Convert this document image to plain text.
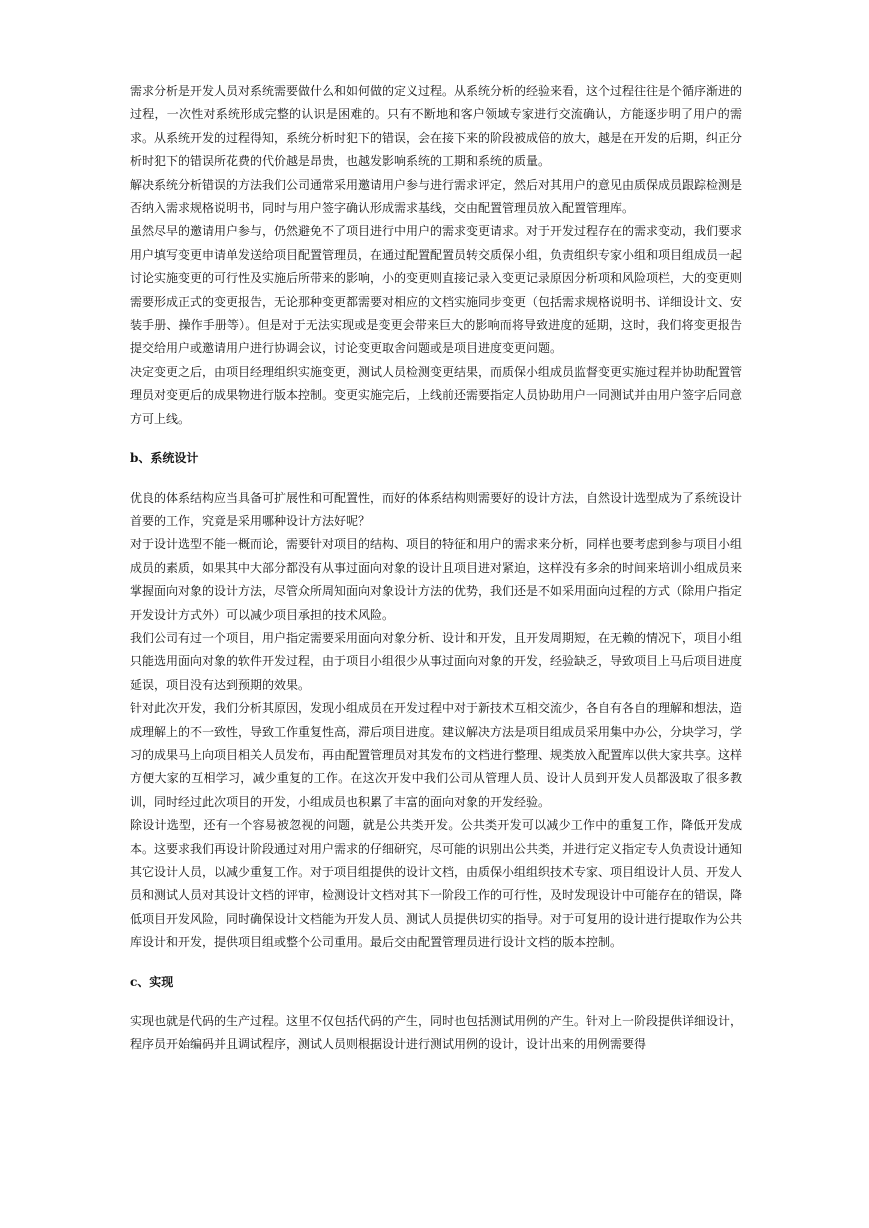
需求分析是开发人员对系统需要做什么和如何做的定义过程。从系统分析的经验来看，这个过程往往是个循序渐进的过程，一次性对系统形成完整的认识是困难的。只有不断地和客户领域专家进行交流确认，方能逐步明了用户的需求。从系统开发的过程得知，系统分析时犯下的错误，会在接下来的阶段被成倍的放大，越是在开发的后期，纠正分析时犯下的错误所花费的代价越是昂贵，也越发影响系统的工期和系统的质量。

解决系统分析错误的方法我们公司通常采用邀请用户参与进行需求评定，然后对其用户的意见由质保成员跟踪检测是否纳入需求规格说明书，同时与用户签字确认形成需求基线，交由配置管理员放入配置管理库。

虽然尽早的邀请用户参与，仍然避免不了项目进行中用户的需求变更请求。对于开发过程存在的需求变动，我们要求用户填写变更申请单发送给项目配置管理员，在通过配置配置员转交质保小组，负责组织专家小组和项目组成员一起讨论实施变更的可行性及实施后所带来的影响，小的变更则直接记录入变更记录原因分析项和风险项栏，大的变更则需要形成正式的变更报告，无论那种变更都需要对相应的文档实施同步变更（包括需求规格说明书、详细设计文、安装手册、操作手册等）。但是对于无法实现或是变更会带来巨大的影响而将导致进度的延期，这时，我们将变更报告提交给用户或邀请用户进行协调会议，讨论变更取舍问题或是项目进度变更问题。

决定变更之后，由项目经理组织实施变更，测试人员检测变更结果，而质保小组成员监督变更实施过程并协助配置管理员对变更后的成果物进行版本控制。变更实施完后，上线前还需要指定人员协助用户一同测试并由用户签字后同意方可上线。

b、系统设计

优良的体系结构应当具备可扩展性和可配置性，而好的体系结构则需要好的设计方法，自然设计选型成为了系统设计首要的工作，究竟是采用哪种设计方法好呢？

对于设计选型不能一概而论，需要针对项目的结构、项目的特征和用户的需求来分析，同样也要考虑到参与项目小组成员的素质，如果其中大部分都没有从事过面向对象的设计且项目进对紧迫，这样没有多余的时间来培训小组成员来掌握面向对象的设计方法，尽管众所周知面向对象设计方法的优势，我们还是不如采用面向过程的方式（除用户指定开发设计方式外）可以减少项目承担的技术风险。

我们公司有过一个项目，用户指定需要采用面向对象分析、设计和开发，且开发周期短，在无赖的情况下，项目小组只能选用面向对象的软件开发过程，由于项目小组很少从事过面向对象的开发，经验缺乏，导致项目上马后项目进度延误，项目没有达到预期的效果。

针对此次开发，我们分析其原因，发现小组成员在开发过程中对于新技术互相交流少，各自有各自的理解和想法，造成理解上的不一致性，导致工作重复性高，滞后项目进度。建议解决方法是项目组成员采用集中办公，分块学习，学习的成果马上向项目相关人员发布，再由配置管理员对其发布的文档进行整理、规类放入配置库以供大家共享。这样方便大家的互相学习，减少重复的工作。在这次开发中我们公司从管理人员、设计人员到开发人员都汲取了很多教训，同时经过此次项目的开发，小组成员也积累了丰富的面向对象的开发经验。

除设计选型，还有一个容易被忽视的问题，就是公共类开发。公共类开发可以减少工作中的重复工作，降低开发成本。这要求我们再设计阶段通过对用户需求的仔细研究，尽可能的识别出公共类，并进行定义指定专人负责设计通知其它设计人员，以减少重复工作。对于项目组提供的设计文档，由质保小组组织技术专家、项目组设计人员、开发人员和测试人员对其设计文档的评审，检测设计文档对其下一阶段工作的可行性，及时发现设计中可能存在的错误，降低项目开发风险，同时确保设计文档能为开发人员、测试人员提供切实的指导。对于可复用的设计进行提取作为公共库设计和开发，提供项目组或整个公司重用。最后交由配置管理员进行设计文档的版本控制。

c、实现

实现也就是代码的生产过程。这里不仅包括代码的产生，同时也包括测试用例的产生。针对上一阶段提供详细设计，程序员开始编码并且调试程序，测试人员则根据设计进行测试用例的设计，设计出来的用例需要得
